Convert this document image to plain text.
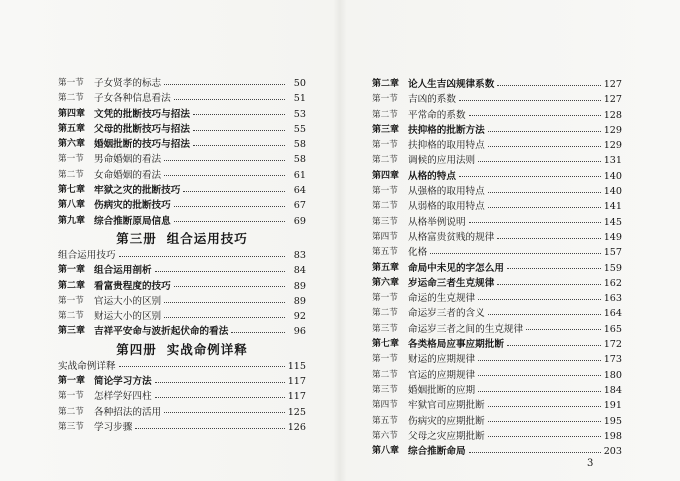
第一节	子女贤孝的标志	50
第二节	子女各种信息看法	51
第四章 文凭的批断技巧与招法	53
第五章 父母的批断技巧与招法	55
第六章 婚姻批断的技巧与招法	58
第一节	男命婚姻的看法	58
第二节	女命婚姻的看法	61
第七章 牢狱之灾的批断技巧	64
第八章 伤病灾的批断技巧	67
第九章 综合推断原局信息	69
第三册 组合运用技巧
组合运用技巧	83
第一章 组合运用剖析	84
第二章 看富贵程度的技巧	89
第一节	官运大小的区别	89
第二节	财运大小的区别	92
第三章 吉祥平安命与波折起伏命的看法	96
第四册 实战命例详释
实战命例详释	115
第一章 简论学习方法	117
第一节	怎样学好四柱	117
第二节	各种招法的活用	125
第三节	学习步骤	126
第二章 论人生吉凶规律系数	127
第一节	吉凶的系数	127
第二节	平常命的系数	128
第三章 扶抑格的批断方法	129
第一节	扶抑格的取用特点	129
第二节	调候的应用法则	131
第四章 从格的特点	140
第一节	从强格的取用特点	140
第二节	从弱格的取用特点	141
第三节	从格举例说明	145
第四节	从格富贵贫贱的规律	149
第五节	化格	157
第五章 命局中未见的字怎么用	159
第六章 岁运命三者生克规律	162
第一节	命运的生克规律	163
第二节	命运岁三者的含义	164
第三节	命运岁三者之间的生克规律	165
第七章 各类格局应事应期批断	172
第一节	财运的应期规律	173
第二节	官运的应期规律	180
第三节	婚姻批断的应期	184
第四节	牢狱官司应期批断	191
第五节	伤病灾的应期批断	195
第六节	父母之灾应期批断	198
第八章 综合推断命局	203
3
